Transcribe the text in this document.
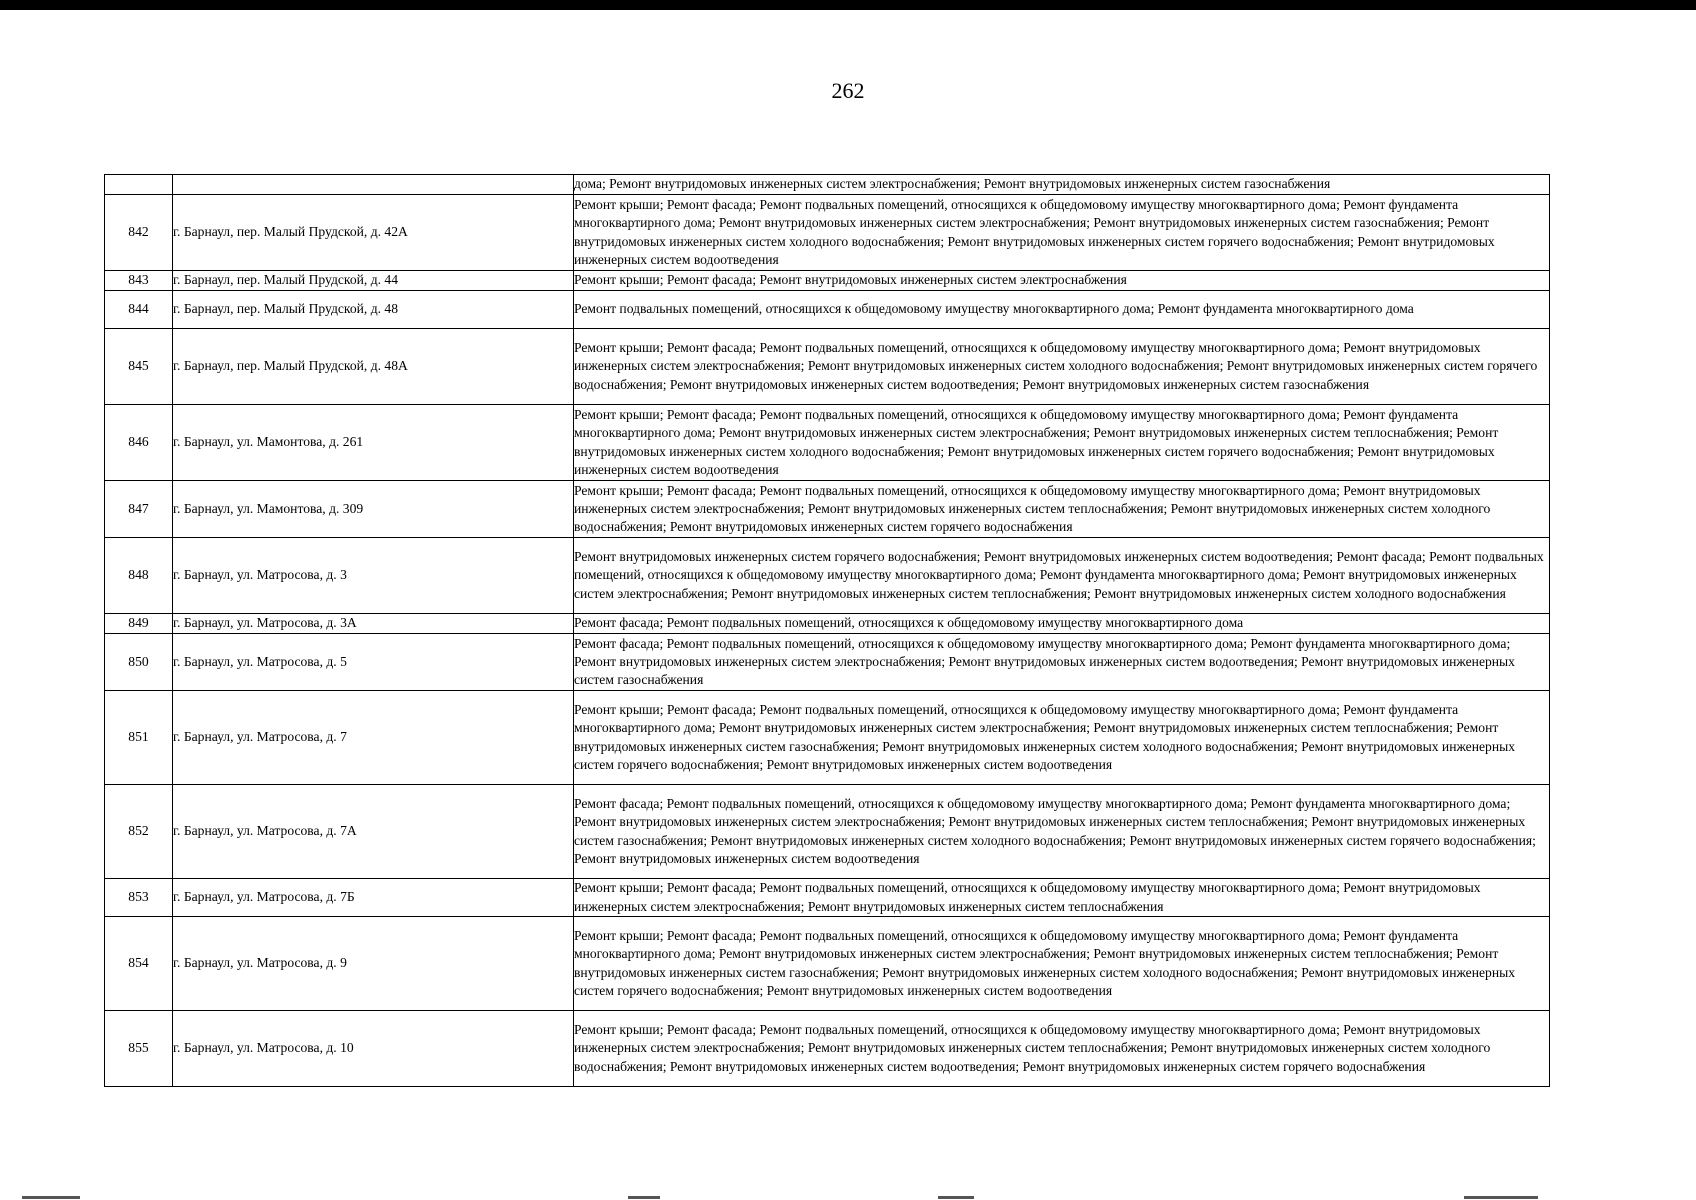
262
		дома; Ремонт внутридомовых инженерных систем электроснабжения; Ремонт внутридомовых инженерных систем газоснабжения
842	г. Барнаул, пер. Малый Прудской, д. 42А	Ремонт крыши; Ремонт фасада; Ремонт подвальных помещений, относящихся к общедомовому имуществу многоквартирного дома; Ремонт фундамента многоквартирного дома; Ремонт внутридомовых инженерных систем электроснабжения; Ремонт внутридомовых инженерных систем газоснабжения; Ремонт внутридомовых инженерных систем холодного водоснабжения; Ремонт внутридомовых инженерных систем горячего водоснабжения; Ремонт внутридомовых инженерных систем водоотведения
843	г. Барнаул, пер. Малый Прудской, д. 44	Ремонт крыши; Ремонт фасада; Ремонт внутридомовых инженерных систем электроснабжения
844	г. Барнаул, пер. Малый Прудской, д. 48	Ремонт подвальных помещений, относящихся к общедомовому имуществу многоквартирного дома; Ремонт фундамента многоквартирного дома
845	г. Барнаул, пер. Малый Прудской, д. 48А	Ремонт крыши; Ремонт фасада; Ремонт подвальных помещений, относящихся к общедомовому имуществу многоквартирного дома; Ремонт внутридомовых инженерных систем электроснабжения; Ремонт внутридомовых инженерных систем холодного водоснабжения; Ремонт внутридомовых инженерных систем горячего водоснабжения; Ремонт внутридомовых инженерных систем водоотведения; Ремонт внутридомовых инженерных систем газоснабжения
846	г. Барнаул, ул. Мамонтова, д. 261	Ремонт крыши; Ремонт фасада; Ремонт подвальных помещений, относящихся к общедомовому имуществу многоквартирного дома; Ремонт фундамента многоквартирного дома; Ремонт внутридомовых инженерных систем электроснабжения; Ремонт внутридомовых инженерных систем теплоснабжения; Ремонт внутридомовых инженерных систем холодного водоснабжения; Ремонт внутридомовых инженерных систем горячего водоснабжения; Ремонт внутридомовых инженерных систем водоотведения
847	г. Барнаул, ул. Мамонтова, д. 309	Ремонт крыши; Ремонт фасада; Ремонт подвальных помещений, относящихся к общедомовому имуществу многоквартирного дома; Ремонт внутридомовых инженерных систем электроснабжения; Ремонт внутридомовых инженерных систем теплоснабжения; Ремонт внутридомовых инженерных систем холодного водоснабжения; Ремонт внутридомовых инженерных систем горячего водоснабжения
848	г. Барнаул, ул. Матросова, д. 3	Ремонт внутридомовых инженерных систем горячего водоснабжения; Ремонт внутридомовых инженерных систем водоотведения; Ремонт фасада; Ремонт подвальных помещений, относящихся к общедомовому имуществу многоквартирного дома; Ремонт фундамента многоквартирного дома; Ремонт внутридомовых инженерных систем электроснабжения; Ремонт внутридомовых инженерных систем теплоснабжения; Ремонт внутридомовых инженерных систем холодного водоснабжения
849	г. Барнаул, ул. Матросова, д. 3А	Ремонт фасада; Ремонт подвальных помещений, относящихся к общедомовому имуществу многоквартирного дома
850	г. Барнаул, ул. Матросова, д. 5	Ремонт фасада; Ремонт подвальных помещений, относящихся к общедомовому имуществу многоквартирного дома; Ремонт фундамента многоквартирного дома; Ремонт внутридомовых инженерных систем электроснабжения; Ремонт внутридомовых инженерных систем водоотведения; Ремонт внутридомовых инженерных систем газоснабжения
851	г. Барнаул, ул. Матросова, д. 7	Ремонт крыши; Ремонт фасада; Ремонт подвальных помещений, относящихся к общедомовому имуществу многоквартирного дома; Ремонт фундамента многоквартирного дома; Ремонт внутридомовых инженерных систем электроснабжения; Ремонт внутридомовых инженерных систем теплоснабжения; Ремонт внутридомовых инженерных систем газоснабжения; Ремонт внутридомовых инженерных систем холодного водоснабжения; Ремонт внутридомовых инженерных систем горячего водоснабжения; Ремонт внутридомовых инженерных систем водоотведения
852	г. Барнаул, ул. Матросова, д. 7А	Ремонт фасада; Ремонт подвальных помещений, относящихся к общедомовому имуществу многоквартирного дома; Ремонт фундамента многоквартирного дома; Ремонт внутридомовых инженерных систем электроснабжения; Ремонт внутридомовых инженерных систем теплоснабжения; Ремонт внутридомовых инженерных систем газоснабжения; Ремонт внутридомовых инженерных систем холодного водоснабжения; Ремонт внутридомовых инженерных систем горячего водоснабжения; Ремонт внутридомовых инженерных систем водоотведения
853	г. Барнаул, ул. Матросова, д. 7Б	Ремонт крыши; Ремонт фасада; Ремонт подвальных помещений, относящихся к общедомовому имуществу многоквартирного дома; Ремонт внутридомовых инженерных систем электроснабжения; Ремонт внутридомовых инженерных систем теплоснабжения
854	г. Барнаул, ул. Матросова, д. 9	Ремонт крыши; Ремонт фасада; Ремонт подвальных помещений, относящихся к общедомовому имуществу многоквартирного дома; Ремонт фундамента многоквартирного дома; Ремонт внутридомовых инженерных систем электроснабжения; Ремонт внутридомовых инженерных систем теплоснабжения; Ремонт внутридомовых инженерных систем газоснабжения; Ремонт внутридомовых инженерных систем холодного водоснабжения; Ремонт внутридомовых инженерных систем горячего водоснабжения; Ремонт внутридомовых инженерных систем водоотведения
855	г. Барнаул, ул. Матросова, д. 10	Ремонт крыши; Ремонт фасада; Ремонт подвальных помещений, относящихся к общедомовому имуществу многоквартирного дома; Ремонт внутридомовых инженерных систем электроснабжения; Ремонт внутридомовых инженерных систем теплоснабжения; Ремонт внутридомовых инженерных систем холодного водоснабжения; Ремонт внутридомовых инженерных систем водоотведения; Ремонт внутридомовых инженерных систем горячего водоснабжения
